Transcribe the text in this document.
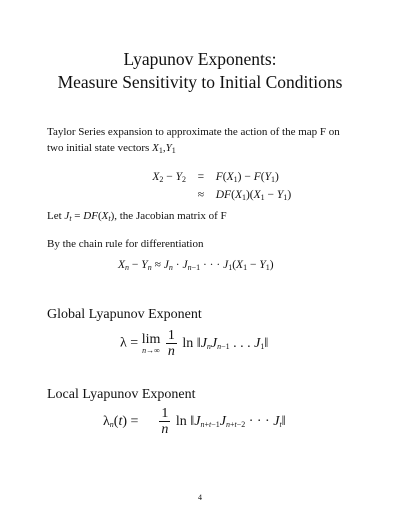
Lyapunov Exponents:
Measure Sensitivity to Initial Conditions
Taylor Series expansion to approximate the action of the map F on
two initial state vectors $X_1,Y_1$
$X_2 - Y_2 = F(X_1) - F(Y_1)$
≈ $DF(X_1)(X_1 - Y_1)$
Let $J_t = DF(X_t)$, the Jacobian matrix of F
By the chain rule for differentiation
$X_n - Y_n \approx J_n \cdot J_{n-1}$ · · · $J_1(X_1 - Y_1)$
Global Lyapunov Exponent
λ = lim
n→∞
$\frac{1}{n}$ $\ln ‖J_nJ_{n-1}$ . . . $J_1‖$
Local Lyapunov Exponent
$\lambda_n(t) = \frac{1}{n}$ $\ln ‖J_{n+t-1}J_{n+t-2}$ · · · $J_t‖$
4
